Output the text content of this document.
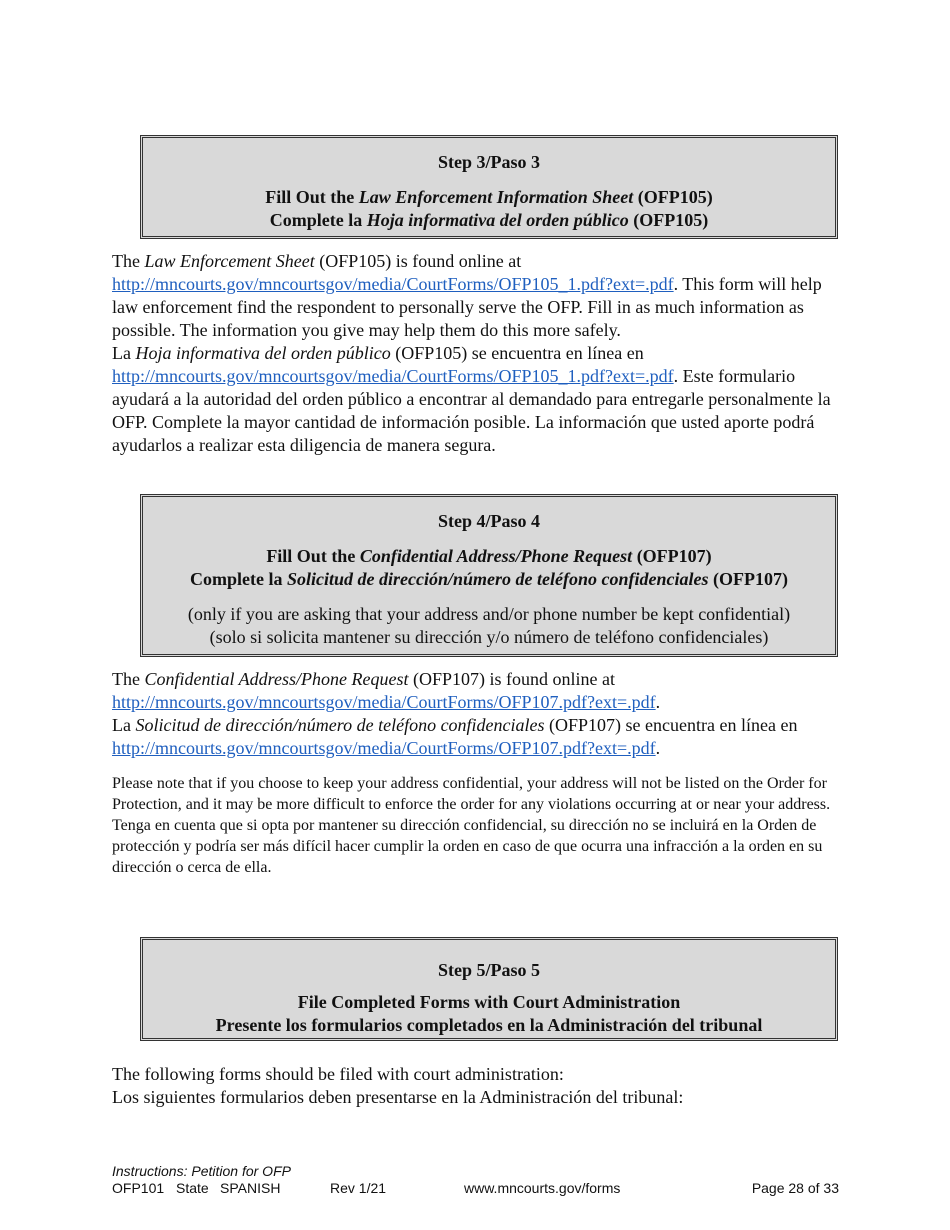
Step 3/Paso 3
Fill Out the Law Enforcement Information Sheet (OFP105)
Complete la Hoja informativa del orden público (OFP105)

The Law Enforcement Sheet (OFP105) is found online at
http://mncourts.gov/mncourtsgov/media/CourtForms/OFP105_1.pdf?ext=.pdf. This form will help law enforcement find the respondent to personally serve the OFP. Fill in as much information as possible. The information you give may help them do this more safely.

La Hoja informativa del orden público (OFP105) se encuentra en línea en
http://mncourts.gov/mncourtsgov/media/CourtForms/OFP105_1.pdf?ext=.pdf. Este formulario ayudará a la autoridad del orden público a encontrar al demandado para entregarle personalmente la OFP. Complete la mayor cantidad de información posible. La información que usted aporte podrá ayudarlos a realizar esta diligencia de manera segura.

Step 4/Paso 4
Fill Out the Confidential Address/Phone Request (OFP107)
Complete la Solicitud de dirección/número de teléfono confidenciales (OFP107)
(only if you are asking that your address and/or phone number be kept confidential)
(solo si solicita mantener su dirección y/o número de teléfono confidenciales)

The Confidential Address/Phone Request (OFP107) is found online at
http://mncourts.gov/mncourtsgov/media/CourtForms/OFP107.pdf?ext=.pdf.

La Solicitud de dirección/número de teléfono confidenciales (OFP107) se encuentra en línea en
http://mncourts.gov/mncourtsgov/media/CourtForms/OFP107.pdf?ext=.pdf.

Please note that if you choose to keep your address confidential, your address will not be listed on the Order for Protection, and it may be more difficult to enforce the order for any violations occurring at or near your address.

Tenga en cuenta que si opta por mantener su dirección confidencial, su dirección no se incluirá en la Orden de protección y podría ser más difícil hacer cumplir la orden en caso de que ocurra una infracción a la orden en su dirección o cerca de ella.

Step 5/Paso 5
File Completed Forms with Court Administration
Presente los formularios completados en la Administración del tribunal

The following forms should be filed with court administration:

Los siguientes formularios deben presentarse en la Administración del tribunal:

Instructions: Petition for OFP
OFP101 State SPANISH	Rev 1/21	www.mncourts.gov/forms	Page 28 of 33
